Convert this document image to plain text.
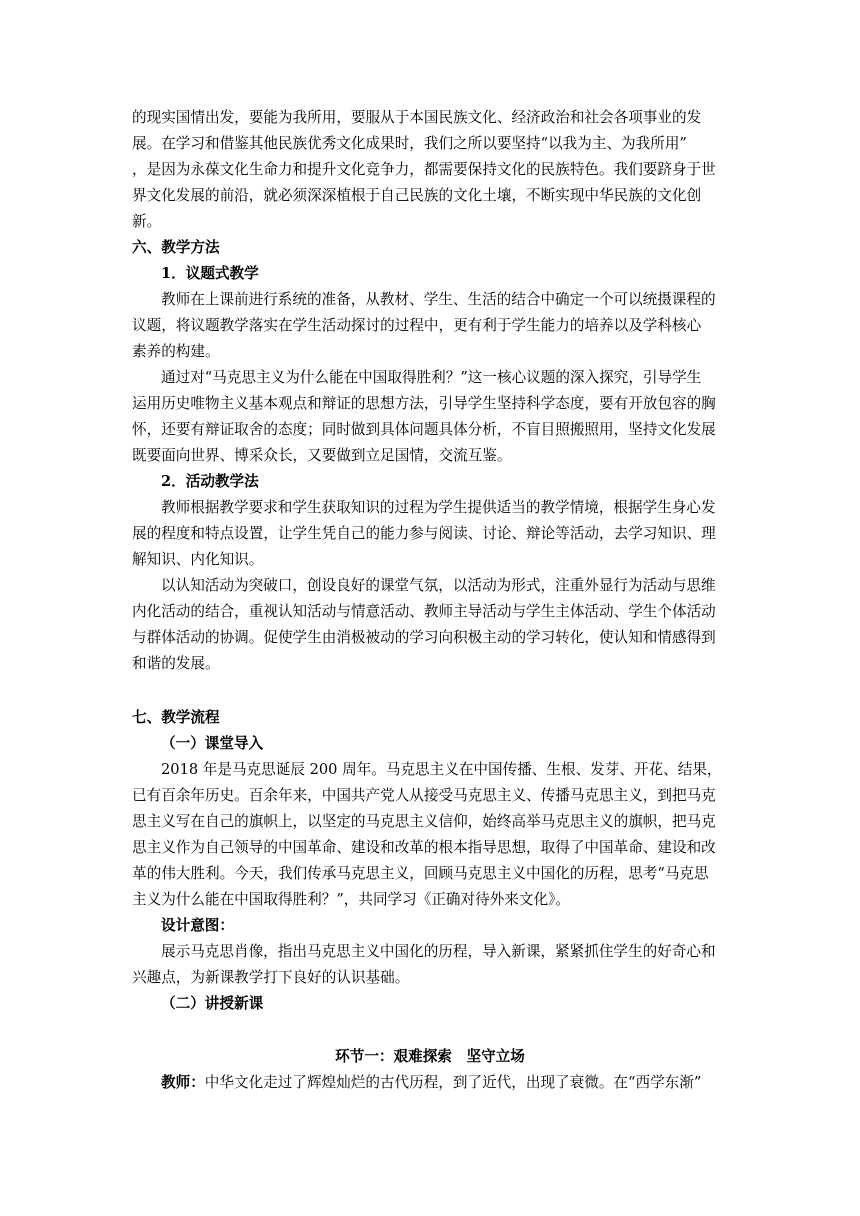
的现实国情出发，要能为我所用，要服从于本国民族文化、经济政治和社会各项事业的发
展。在学习和借鉴其他民族优秀文化成果时，我们之所以要坚持“以我为主、为我所用”
，是因为永葆文化生命力和提升文化竞争力，都需要保持文化的民族特色。我们要跻身于世
界文化发展的前沿，就必须深深植根于自己民族的文化土壤，不断实现中华民族的文化创
新。
六、教学方法
1．议题式教学
教师在上课前进行系统的准备，从教材、学生、生活的结合中确定一个可以统摄课程的
议题，将议题教学落实在学生活动探讨的过程中，更有利于学生能力的培养以及学科核心
素养的构建。
通过对“马克思主义为什么能在中国取得胜利？”这一核心议题的深入探究，引导学生
运用历史唯物主义基本观点和辩证的思想方法，引导学生坚持科学态度，要有开放包容的胸
怀，还要有辩证取舍的态度；同时做到具体问题具体分析，不盲目照搬照用，坚持文化发展
既要面向世界、博采众长，又要做到立足国情，交流互鉴。
2．活动教学法
教师根据教学要求和学生获取知识的过程为学生提供适当的教学情境，根据学生身心发
展的程度和特点设置，让学生凭自己的能力参与阅读、讨论、辩论等活动，去学习知识、理
解知识、内化知识。
以认知活动为突破口，创设良好的课堂气氛，以活动为形式，注重外显行为活动与思维
内化活动的结合，重视认知活动与情意活动、教师主导活动与学生主体活动、学生个体活动
与群体活动的协调。促使学生由消极被动的学习向积极主动的学习转化，使认知和情感得到
和谐的发展。
七、教学流程
（一）课堂导入
2018 年是马克思诞辰 200 周年。马克思主义在中国传播、生根、发芽、开花、结果，
已有百余年历史。百余年来，中国共产党人从接受马克思主义、传播马克思主义，到把马克
思主义写在自己的旗帜上，以坚定的马克思主义信仰，始终高举马克思主义的旗帜，把马克
思主义作为自己领导的中国革命、建设和改革的根本指导思想，取得了中国革命、建设和改
革的伟大胜利。今天，我们传承马克思主义，回顾马克思主义中国化的历程，思考“马克思
主义为什么能在中国取得胜利？”，共同学习《正确对待外来文化》。
设计意图：
展示马克思肖像，指出马克思主义中国化的历程，导入新课，紧紧抓住学生的好奇心和
兴趣点，为新课教学打下良好的认识基础。
（二）讲授新课
环节一：艰难探索　坚守立场
教师：中华文化走过了辉煌灿烂的古代历程，到了近代，出现了衰微。在“西学东渐”
